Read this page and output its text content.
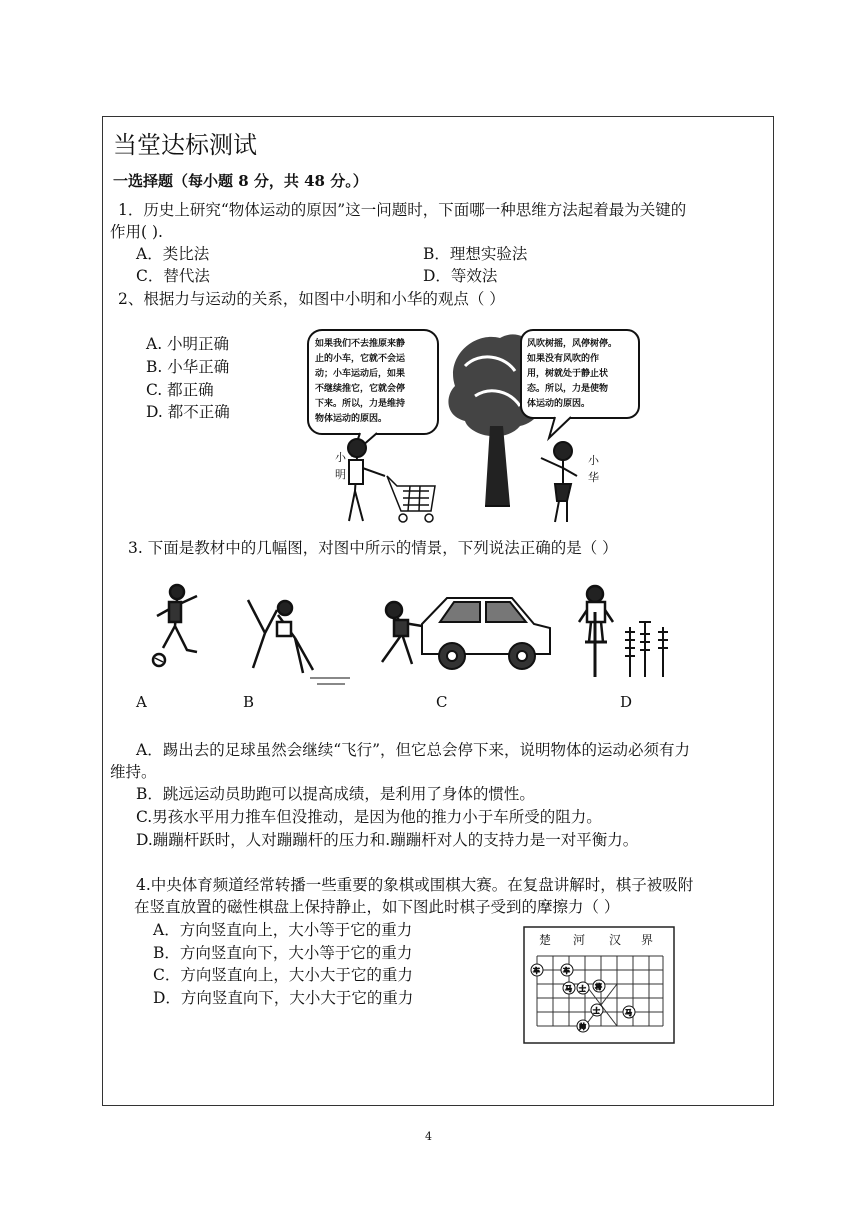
当堂达标测试
一选择题（每小题 8 分，共 48 分。）
1．历史上研究“物体运动的原因”这一问题时，下面哪一种思维方法起着最为关键的
作用( ).
A．类比法	B．理想实验法
C．替代法	D．等效法
2、根据力与运动的关系，如图中小明和小华的观点（ ）
A. 小明正确
B. 小华正确
C. 都正确
D. 都不正确
如果我们不去推原来静 止的小车，它就不会运 动；小车运动后，如果 不继续推它，它就会停 下来。所以，力是维持 物体运动的原因。
风吹树摇，风停树停。 如果没有风吹的作 用，树就处于静止状 态。所以，力是使物 体运动的原因。
小
明
小
华
3. 下面是教材中的几幅图，对图中所示的情景，下列说法正确的是（ ）
A	B	C	D
A．踢出去的足球虽然会继续“飞行”，但它总会停下来，说明物体的运动必须有力
维持。
B．跳远运动员助跑可以提高成绩，是利用了身体的惯性。
C.男孩水平用力推车但没推动，是因为他的推力小于车所受的阻力。
D.蹦蹦杆跃时，人对蹦蹦杆的压力和.蹦蹦杆对人的支持力是一对平衡力。
4.中央体育频道经常转播一些重要的象棋或围棋大赛。在复盘讲解时，棋子被吸附
在竖直放置的磁性棋盘上保持静止，如下图此时棋子受到的摩擦力（ ）
A．方向竖直向上，大小等于它的重力
B．方向竖直向下，大小等于它的重力
C．方向竖直向上，大小大于它的重力
D．方向竖直向下，大小大于它的重力
楚 河 汉 界
车	车
马 士 将
士	马
帅
4
